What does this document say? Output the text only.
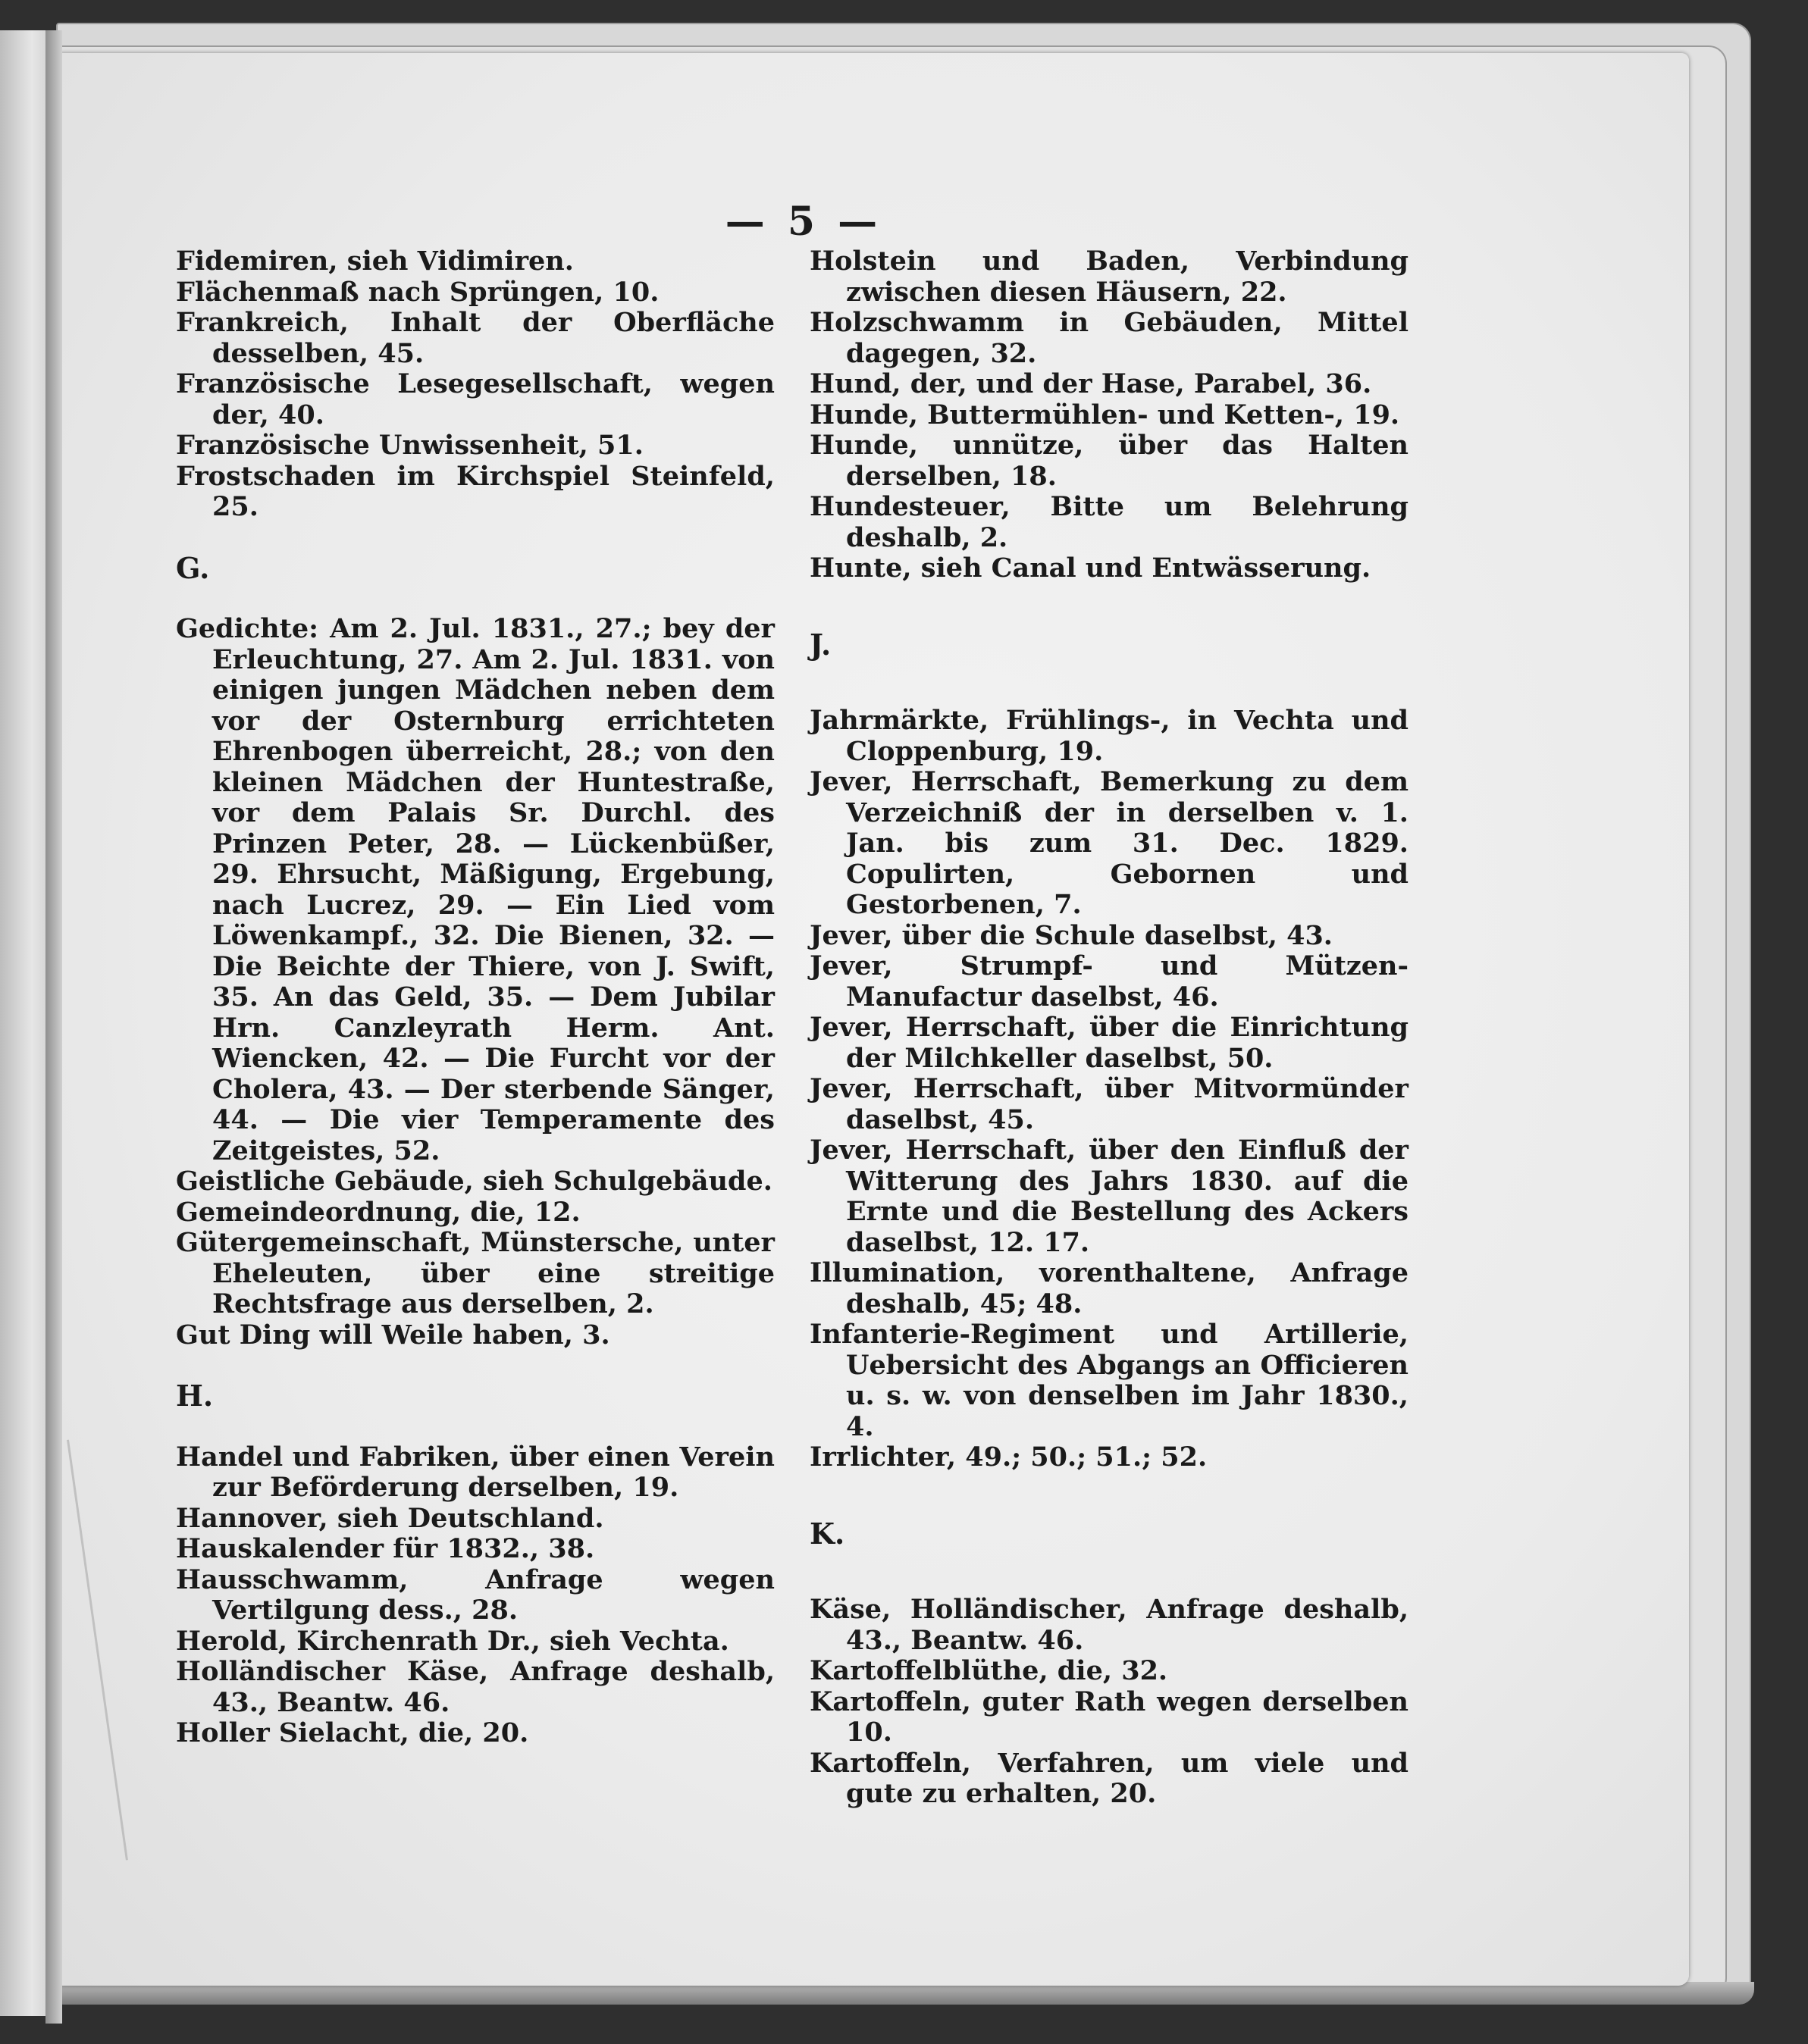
— 5 —

Fidemiren, sieh Vidimiren.

Flächenmaß nach Sprüngen, 10.

Frankreich, Inhalt der Oberfläche desselben, 45.

Französische Lesegesellschaft, wegen der, 40.

Französische Unwissenheit, 51.

Frostschaden im Kirchspiel Steinfeld, 25.

G.

Gedichte: Am 2. Jul. 1831., 27.; bey der Erleuchtung, 27. Am 2. Jul. 1831. von einigen jungen Mädchen neben dem vor der Osternburg errichteten Ehrenbogen überreicht, 28.; von den kleinen Mädchen der Huntestraße, vor dem Palais Sr. Durchl. des Prinzen Peter, 28. — Lückenbüßer, 29. Ehrsucht, Mäßigung, Ergebung, nach Lucrez, 29. — Ein Lied vom Löwenkampf., 32. Die Bienen, 32. — Die Beichte der Thiere, von J. Swift, 35. An das Geld, 35. — Dem Jubilar Hrn. Canzleyrath Herm. Ant. Wiencken, 42. — Die Furcht vor der Cholera, 43. — Der sterbende Sänger, 44. — Die vier Temperamente des Zeitgeistes, 52.

Geistliche Gebäude, sieh Schulgebäude.

Gemeindeordnung, die, 12.

Gütergemeinschaft, Münstersche, unter Eheleuten, über eine streitige Rechtsfrage aus derselben, 2.

Gut Ding will Weile haben, 3.

H.

Handel und Fabriken, über einen Verein zur Beförderung derselben, 19.

Hannover, sieh Deutschland.

Hauskalender für 1832., 38.

Hausschwamm, Anfrage wegen Vertilgung dess., 28.

Herold, Kirchenrath Dr., sieh Vechta.

Holländischer Käse, Anfrage deshalb, 43., Beantw. 46.

Holler Sielacht, die, 20.

Holstein und Baden, Verbindung zwischen diesen Häusern, 22.

Holzschwamm in Gebäuden, Mittel dagegen, 32.

Hund, der, und der Hase, Parabel, 36.

Hunde, Buttermühlen- und Ketten-, 19.

Hunde, unnütze, über das Halten derselben, 18.

Hundesteuer, Bitte um Belehrung deshalb, 2.

Hunte, sieh Canal und Entwässerung.

J.

Jahrmärkte, Frühlings-, in Vechta und Cloppenburg, 19.

Jever, Herrschaft, Bemerkung zu dem Verzeichniß der in derselben v. 1. Jan. bis zum 31. Dec. 1829. Copulirten, Gebornen und Gestorbenen, 7.

Jever, über die Schule daselbst, 43.

Jever, Strumpf- und Mützen-Manufactur daselbst, 46.

Jever, Herrschaft, über die Einrichtung der Milchkeller daselbst, 50.

Jever, Herrschaft, über Mitvormünder daselbst, 45.

Jever, Herrschaft, über den Einfluß der Witterung des Jahrs 1830. auf die Ernte und die Bestellung des Ackers daselbst, 12. 17.

Illumination, vorenthaltene, Anfrage deshalb, 45; 48.

Infanterie-Regiment und Artillerie, Uebersicht des Abgangs an Officieren u. s. w. von denselben im Jahr 1830., 4.

Irrlichter, 49.; 50.; 51.; 52.

K.

Käse, Holländischer, Anfrage deshalb, 43., Beantw. 46.

Kartoffelblüthe, die, 32.

Kartoffeln, guter Rath wegen derselben 10.

Kartoffeln, Verfahren, um viele und gute zu erhalten, 20.
